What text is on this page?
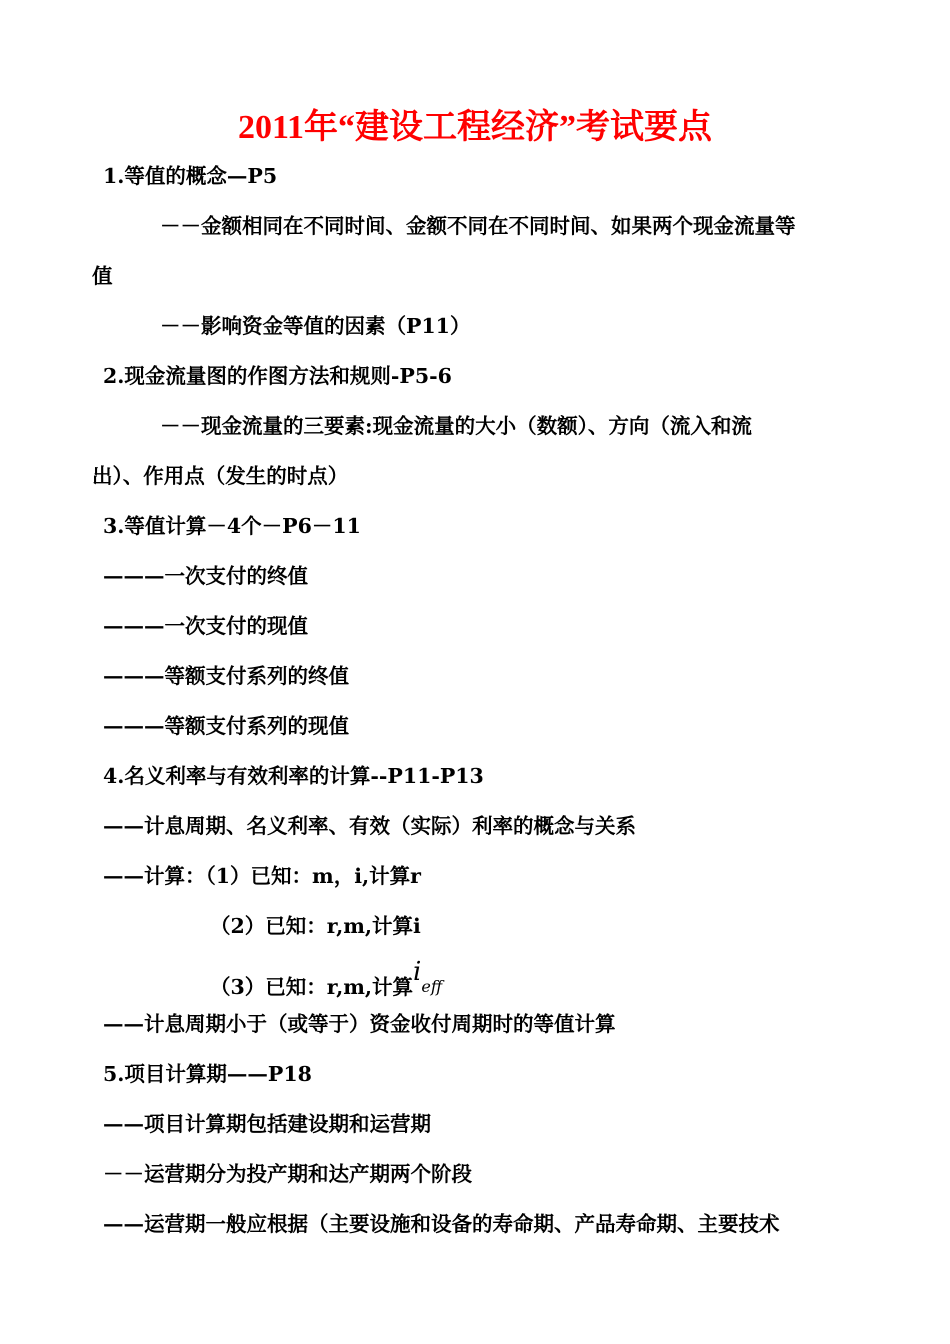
2011年“建设工程经济”考试要点
1.等值的概念—P5
－－金额相同在不同时间、金额不同在不同时间、如果两个现金流量等
值
－－影响资金等值的因素（P11）
2.现金流量图的作图方法和规则-P5-6
－－现金流量的三要素:现金流量的大小（数额）、方向（流入和流
出）、作用点（发生的时点）
3.等值计算－4个－P6－11
———一次支付的终值
———一次支付的现值
———等额支付系列的终值
———等额支付系列的现值
4.名义利率与有效利率的计算--P11-P13
——计息周期、名义利率、有效（实际）利率的概念与关系
——计算：（1）已知：m，i,计算r
（2）已知：r,m,计算i
（3）已知：r,m,计算ieff
——计息周期小于（或等于）资金收付周期时的等值计算
5.项目计算期——P18
——项目计算期包括建设期和运营期
－－运营期分为投产期和达产期两个阶段
——运营期一般应根据（主要设施和设备的寿命期、产品寿命期、主要技术
